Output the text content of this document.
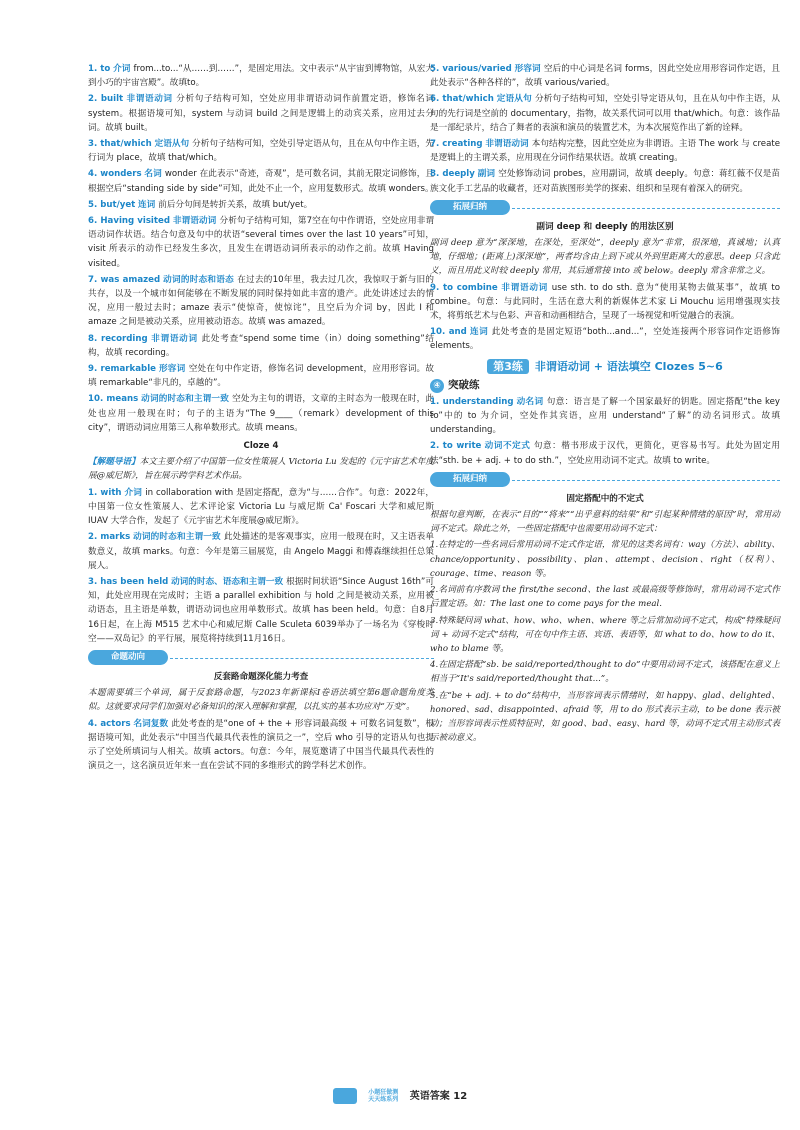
1. to 介词 from...to...“从……到……”，是固定用法。文中表示“从宇宙到博物馆，从宏大到小巧的宇宙宫殿”。故填to。

2. built 非谓语动词 分析句子结构可知，空处应用非谓语动词作前置定语，修饰名词 system。根据语境可知，system 与动词 build 之间是逻辑上的动宾关系，应用过去分词。故填 built。

3. that/which 定语从句 分析句子结构可知，空处引导定语从句，且在从句中作主语，先行词为 place，故填 that/which。

4. wonders 名词 wonder 在此表示“奇迹，奇观”，是可数名词，其前无限定词修饰，且根据空后“standing side by side”可知，此处不止一个，应用复数形式。故填 wonders。

5. but/yet 连词 前后分句间是转折关系，故填 but/yet。

6. Having visited 非谓语动词 分析句子结构可知，第7空在句中作谓语，空处应用非谓语动词作状语。结合句意及句中的状语“several times over the last 10 years”可知，visit 所表示的动作已经发生多次，且发生在谓语动词所表示的动作之前。故填 Having visited。

7. was amazed 动词的时态和语态 在过去的10年里，我去过几次，我惊叹于新与旧的共存，以及一个城市如何能够在不断发展的同时保持如此丰富的遗产。此处讲述过去的情况，应用一般过去时；amaze 表示“使惊奇，使惊诧”，且空后为介词 by，因此 I 和 amaze 之间是被动关系，应用被动语态。故填 was amazed。

8. recording 非谓语动词 此处考查“spend some time（in）doing something”结构，故填 recording。

9. remarkable 形容词 空处在句中作定语，修饰名词 development，应用形容词。故填 remarkable“非凡的，卓越的”。

10. means 动词的时态和主谓一致 空处为主句的谓语，文章的主时态为一般现在时，此处也应用一般现在时；句子的主语为“The 9____（remark）development of this city”，谓语动词应用第三人称单数形式。故填 means。

Cloze 4

【解题导语】本文主要介绍了中国第一位女性策展人 Victoria Lu 发起的《元宇宙艺术年度展@威尼斯》，旨在展示跨学科艺术作品。

1. with 介词 in collaboration with 是固定搭配，意为“与……合作”。句意：2022年，中国第一位女性策展人、艺术评论家 Victoria Lu 与威尼斯 Ca' Foscari 大学和威尼斯 IUAV 大学合作，发起了《元宇宙艺术年度展@威尼斯》。

2. marks 动词的时态和主谓一致 此处描述的是客观事实，应用一般现在时，又主语表单数意义，故填 marks。句意：今年是第三届展览，由 Angelo Maggi 和傅森继续担任总策展人。

3. has been held 动词的时态、语态和主谓一致 根据时间状语“Since August 16th”可知，此处应用现在完成时；主语 a parallel exhibition 与 hold 之间是被动关系，应用被动语态，且主语是单数，谓语动词也应用单数形式。故填 has been held。句意：自8月16日起，在上海 M515 艺术中心和威尼斯 Calle Sculeta 6039举办了一场名为《穿梭时空——双岛记》的平行展，展览将持续到11月16日。

命题动向
反套路命题深化能力考查

本题需要填三个单词，属于反套路命题，与2023年新课标Ⅰ卷语法填空第6题命题角度类似。这就要求同学们加强对必备知识的深入理解和掌握，以扎实的基本功应对“万变”。

4. actors 名词复数 此处考查的是“one of + the + 形容词最高级 + 可数名词复数”，根据语境可知，此处表示“中国当代最具代表性的演员之一”，空后 who 引导的定语从句也提示了空处所填词与人相关。故填 actors。句意：今年，展览邀请了中国当代最具代表性的演员之一，这名演员近年来一直在尝试不同的多维形式的跨学科艺术创作。

5. various/varied 形容词 空后的中心词是名词 forms，因此空处应用形容词作定语，且此处表示“各种各样的”，故填 various/varied。

6. that/which 定语从句 分析句子结构可知，空处引导定语从句，且在从句中作主语，从句的先行词是空前的 documentary，指物，故关系代词可以用 that/which。句意：该作品是一部纪录片，结合了舞者的表演和演员的装置艺术，为本次展览作出了新的诠释。

7. creating 非谓语动词 本句结构完整，因此空处应为非谓语。主语 The work 与 create 是逻辑上的主谓关系，应用现在分词作结果状语。故填 creating。

8. deeply 副词 空处修饰动词 probes，应用副词，故填 deeply。句意：蒋红薇不仅是苗族文化手工艺品的收藏者，还对苗族图形美学的探索、组织和呈现有着深入的研究。

拓展归纳
副词 deep 和 deeply 的用法区别

副词 deep 意为“深深地，在深处，至深处”，deeply 意为“非常，很深地，真诚地；认真地，仔细地；(距离上)深深地”，两者均含由上到下或从外到里距离大的意思。deep 只含此义，而且用此义时较 deeply 常用，其后通常接 into 或 below。deeply 常含非常之义。

9. to combine 非谓语动词 use sth. to do sth. 意为“使用某物去做某事”，故填 to combine。句意：与此同时，生活在意大利的新媒体艺术家 Li Mouchu 运用增强现实技术，将剪纸艺术与色彩、声音和动画相结合，呈现了一场视觉和听觉融合的表演。

10. and 连词 此处考查的是固定短语“both...and...”，空处连接两个形容词作定语修饰 elements。

第3练 非谓语动词 + 语法填空 Clozes 5~6
④ 突破练

1. understanding 动名词 句意：语言是了解一个国家最好的钥匙。固定搭配“the key to”中的 to 为介词，空处作其宾语，应用 understand“了解”的动名词形式。故填 understanding。

2. to write 动词不定式 句意：楷书形成于汉代，更简化，更容易书写。此处为固定用法“sth. be + adj. + to do sth.”，空处应用动词不定式。故填 to write。

拓展归纳
固定搭配中的不定式

根据句意判断，在表示“目的”“将来”“出乎意料的结果”和“引起某种情绪的原因”时，常用动词不定式。除此之外，一些固定搭配中也需要用动词不定式：

1.在特定的一些名词后常用动词不定式作定语，常见的这类名词有：way（方法）、ability、chance/opportunity、possibility、plan、attempt、decision、right（权利）、courage、time、reason 等。

2.名词前有序数词 the first/the second、the last 或最高级等修饰时，常用动词不定式作后置定语。如：The last one to come pays for the meal.

3.特殊疑问词 what、how、who、when、where 等之后常加动词不定式，构成“特殊疑问词 + 动词不定式”结构，可在句中作主语、宾语、表语等，如 what to do、how to do it、who to blame 等。

4.在固定搭配“sb. be said/reported/thought to do”中要用动词不定式，该搭配在意义上相当于“It's said/reported/thought that...”。

5.在“be + adj. + to do”结构中，当形容词表示情绪时，如 happy、glad、delighted、honored、sad、disappointed、afraid 等，用 to do 形式表示主动，to be done 表示被动；当形容词表示性质特征时，如 good、bad、easy、hard 等，动词不定式用主动形式表示被动意义。

小题狂做测
天天练系列 英语答案 12
